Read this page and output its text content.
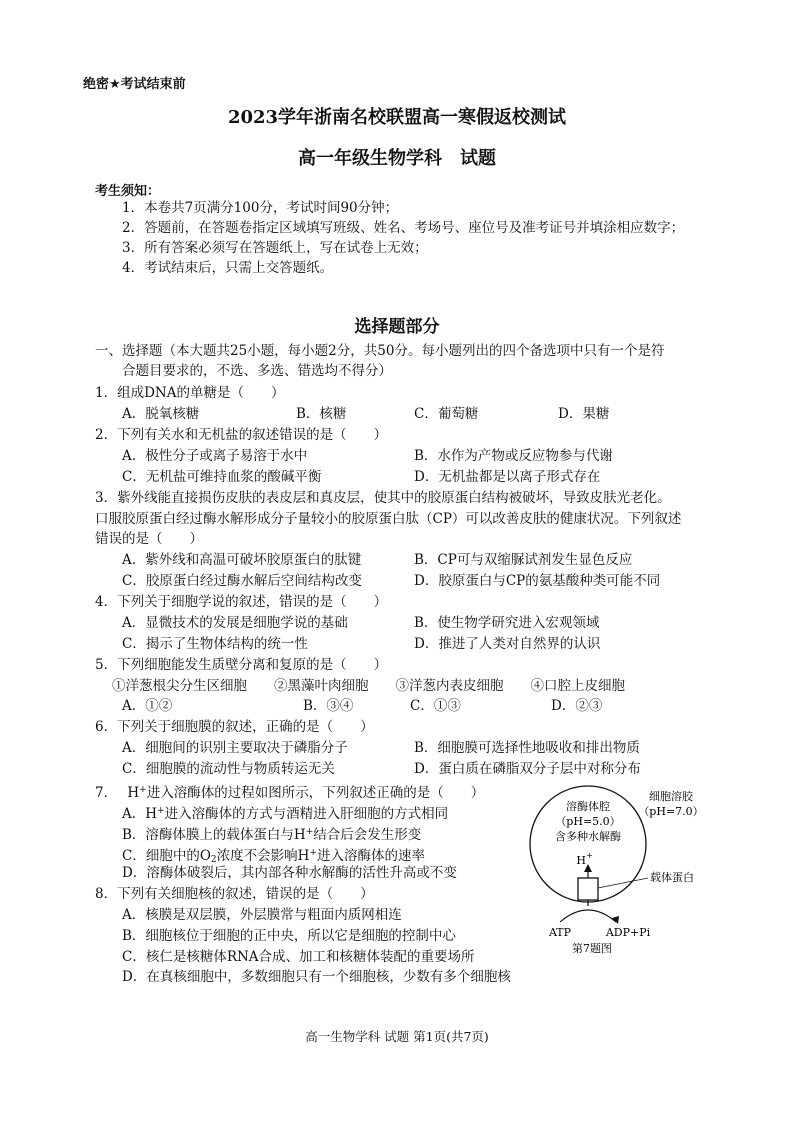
绝密★考试结束前
2023学年浙南名校联盟高一寒假返校测试
高一年级生物学科　试题
考生须知：
1．本卷共7页满分100分，考试时间90分钟；
2．答题前，在答题卷指定区域填写班级、姓名、考场号、座位号及准考证号并填涂相应数字；
3．所有答案必须写在答题纸上，写在试卷上无效；
4．考试结束后，只需上交答题纸。
选择题部分
一、选择题（本大题共25小题，每小题2分，共50分。每小题列出的四个备选项中只有一个是符
合题目要求的，不选、多选、错选均不得分）
1．组成DNA的单糖是（　　）
A．脱氧核糖	B．核糖	C．葡萄糖	D．果糖
2．下列有关水和无机盐的叙述错误的是（　　）
A．极性分子或离子易溶于水中	B．水作为产物或反应物参与代谢
C．无机盐可维持血浆的酸碱平衡	D．无机盐都是以离子形式存在
3．紫外线能直接损伤皮肤的表皮层和真皮层，使其中的胶原蛋白结构被破坏，导致皮肤光老化。
口服胶原蛋白经过酶水解形成分子量较小的胶原蛋白肽（CP）可以改善皮肤的健康状况。下列叙述
错误的是（　　）
A．紫外线和高温可破坏胶原蛋白的肽键	B．CP可与双缩脲试剂发生显色反应
C．胶原蛋白经过酶水解后空间结构改变	D．胶原蛋白与CP的氨基酸种类可能不同
4．下列关于细胞学说的叙述，错误的是（　　）
A．显微技术的发展是细胞学说的基础	B．使生物学研究进入宏观领域
C．揭示了生物体结构的统一性	D．推进了人类对自然界的认识
5．下列细胞能发生质壁分离和复原的是（　　）
①洋葱根尖分生区细胞　　②黑藻叶肉细胞　　③洋葱内表皮细胞　　④口腔上皮细胞
A．①②	B．③④	C．①③	D．②③
6．下列关于细胞膜的叙述，正确的是（　　）
A．细胞间的识别主要取决于磷脂分子	B．细胞膜可选择性地吸收和排出物质
C．细胞膜的流动性与物质转运无关	D．蛋白质在磷脂双分子层中对称分布
7． H+进入溶酶体的过程如图所示，下列叙述正确的是（　　）
A．H+进入溶酶体的方式与酒精进入肝细胞的方式相同
B．溶酶体膜上的载体蛋白与H+结合后会发生形变
C．细胞中的$O_2$浓度不会影响H+进入溶酶体的速率
D．溶酶体破裂后，其内部各种水解酶的活性升高或不变
8．下列有关细胞核的叙述，错误的是（　　）
A．核膜是双层膜，外层膜常与粗面内质网相连
B．细胞核位于细胞的正中央，所以它是细胞的控制中心
C．核仁是核糖体RNA合成、加工和核糖体装配的重要场所
D．在真核细胞中，多数细胞只有一个细胞核，少数有多个细胞核
溶酶体腔
（pH=5.0）
含多种水解酶
细胞溶胶
（pH=7.0）
H +
载体蛋白
ATP	ADP+Pi
第7题图
高一生物学科 试题 第1页(共7页)
